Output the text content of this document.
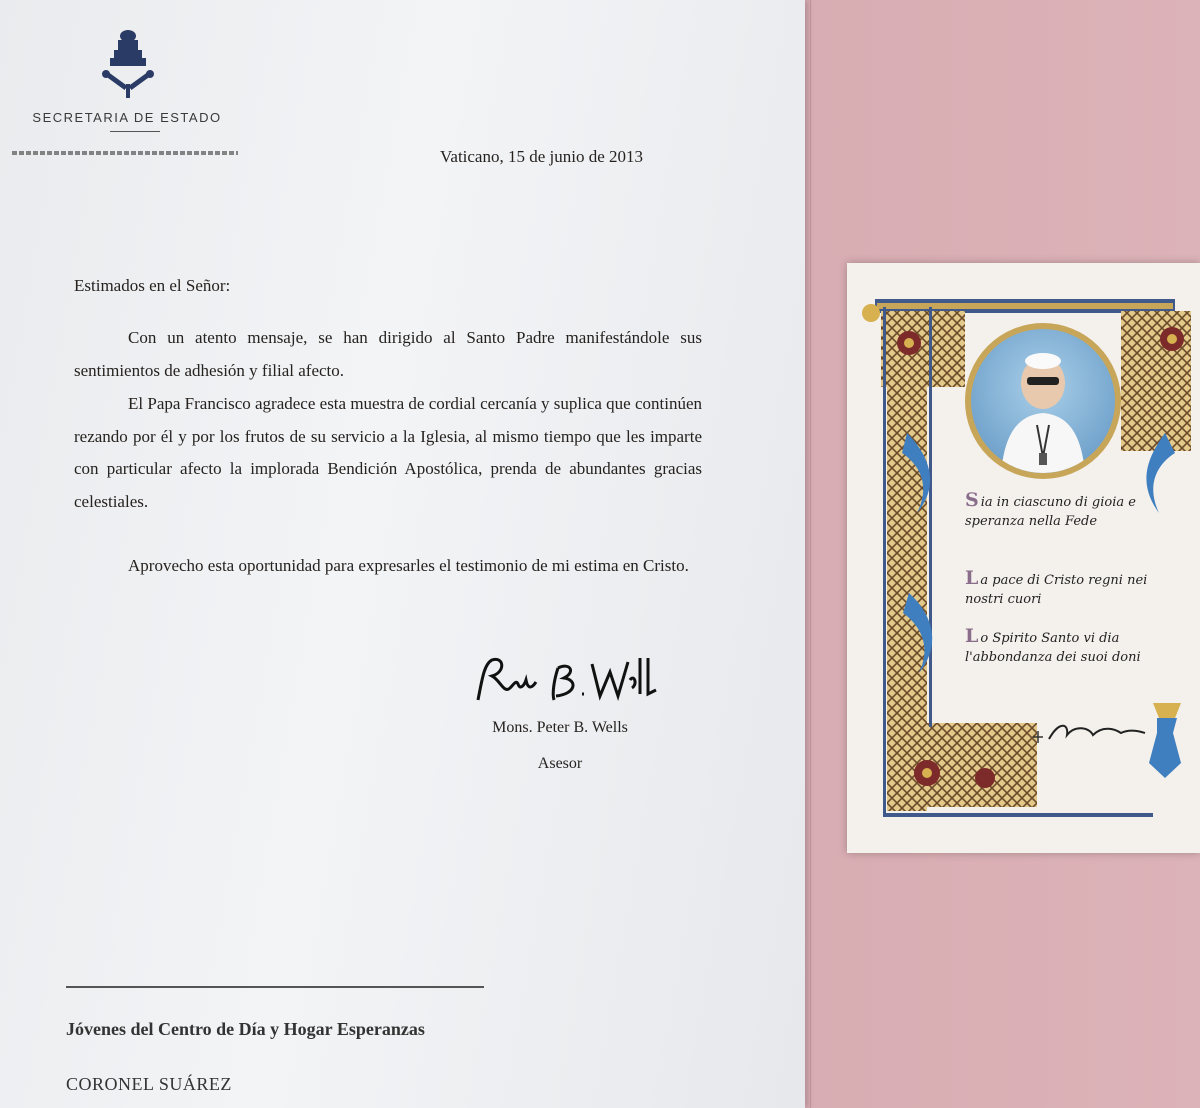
SECRETARIA DE ESTADO
Vaticano, 15 de junio de 2013
Estimados en el Señor:

Con un atento mensaje, se han dirigido al Santo Padre manifestándole sus sentimientos de adhesión y filial afecto.

El Papa Francisco agradece esta muestra de cordial cercanía y suplica que continúen rezando por él y por los frutos de su servicio a la Iglesia, al mismo tiempo que les imparte con particular afecto la implorada Bendición Apostólica, prenda de abundantes gracias celestiales.

Aprovecho esta oportunidad para expresarles el testimonio de mi estima en Cristo.

Mons. Peter B. Wells
Asesor
Jóvenes del Centro de Día y Hogar Esperanzas
CORONEL SUÁREZ
S ia in ciascuno di gioia e speranza nella Fede
L a pace di Cristo regni nei nostri cuori
L o Spirito Santo vi dia l'abbondanza dei suoi doni
